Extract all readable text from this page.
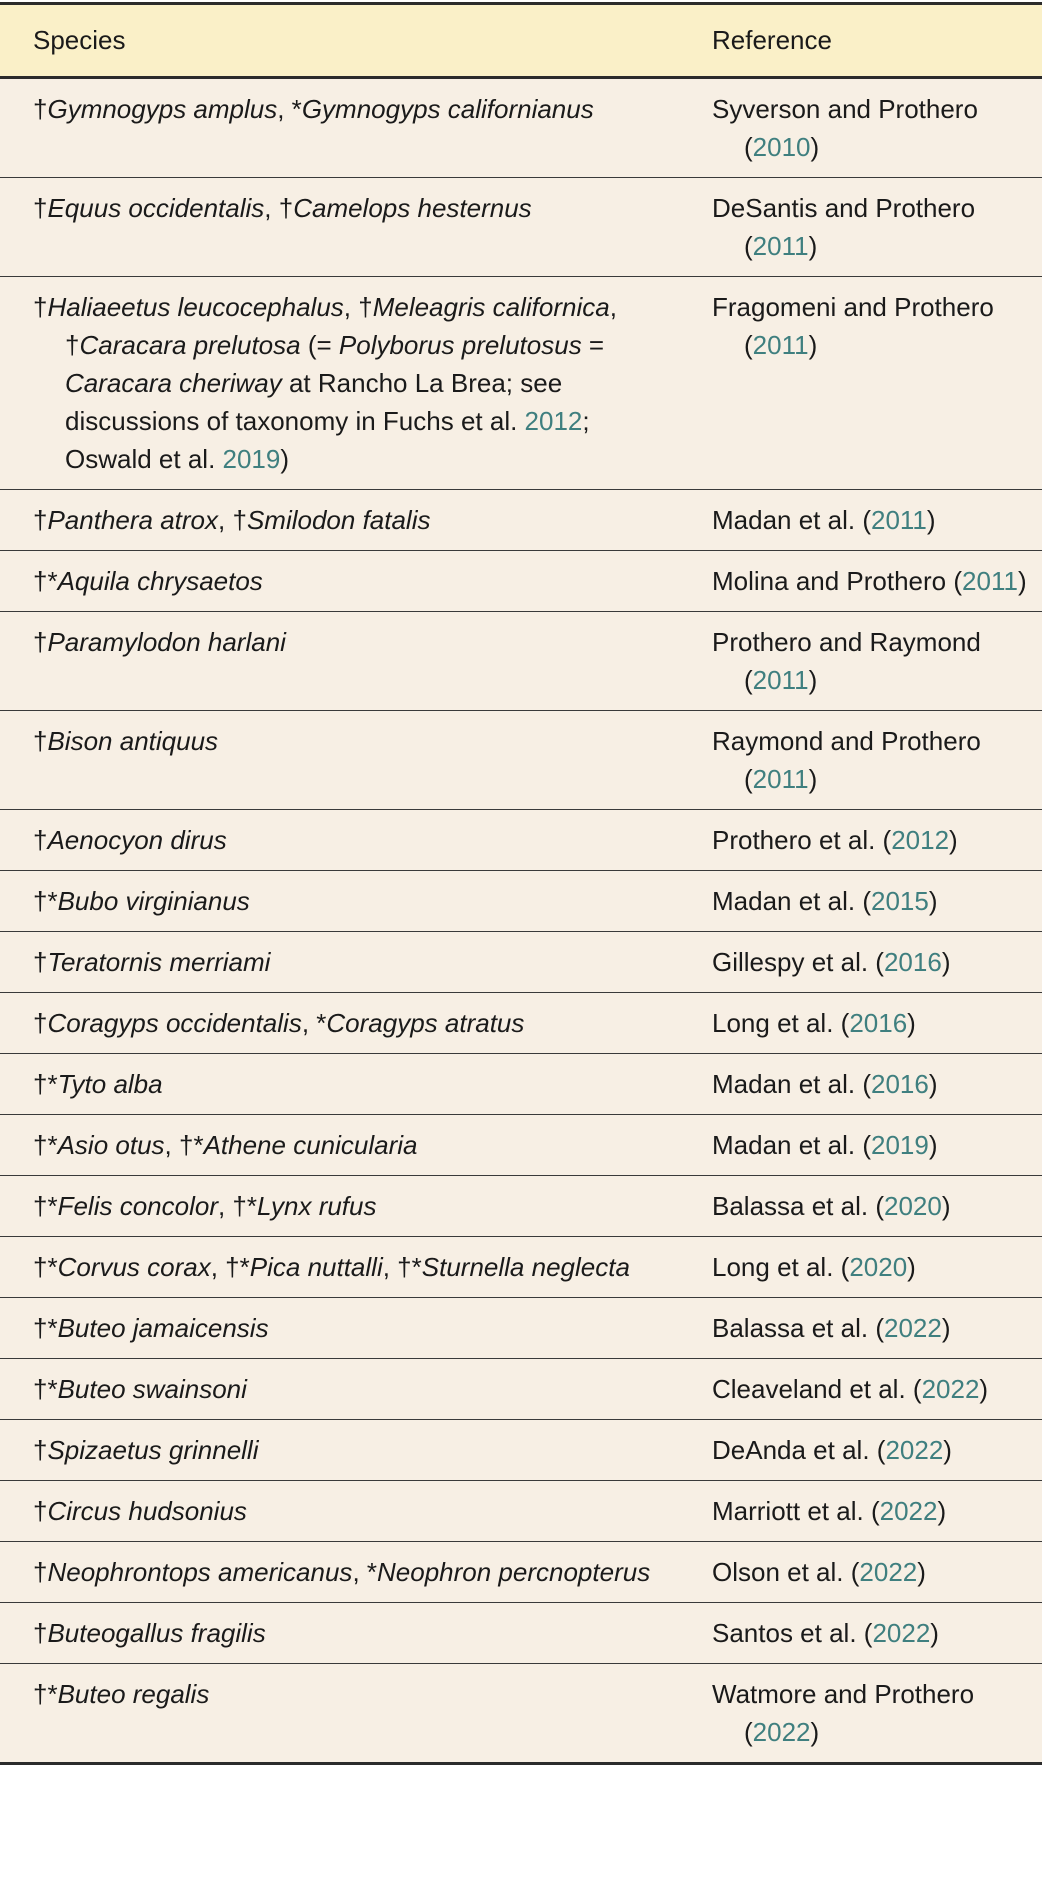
Species	Reference

†Gymnogyps amplus, *Gymnogyps californianus	Syverson and Prothero (2010)

†Equus occidentalis, †Camelops hesternus	DeSantis and Prothero (2011)

†Haliaeetus leucocephalus, †Meleagris californica, †Caracara prelutosa (= Polyborus prelutosus = Caracara cheriway at Rancho La Brea; see discussions of taxonomy in Fuchs et al. 2012; Oswald et al. 2019)	Fragomeni and Prothero (2011)

†Panthera atrox, †Smilodon fatalis	Madan et al. (2011)

†*Aquila chrysaetos	Molina and Prothero (2011)

†Paramylodon harlani	Prothero and Raymond (2011)

†Bison antiquus	Raymond and Prothero (2011)

†Aenocyon dirus	Prothero et al. (2012)

†*Bubo virginianus	Madan et al. (2015)

†Teratornis merriami	Gillespy et al. (2016)

†Coragyps occidentalis, *Coragyps atratus	Long et al. (2016)

†*Tyto alba	Madan et al. (2016)

†*Asio otus, †*Athene cunicularia	Madan et al. (2019)

†*Felis concolor, †*Lynx rufus	Balassa et al. (2020)

†*Corvus corax, †*Pica nuttalli, †*Sturnella neglecta	Long et al. (2020)

†*Buteo jamaicensis	Balassa et al. (2022)

†*Buteo swainsoni	Cleaveland et al. (2022)

†Spizaetus grinnelli	DeAnda et al. (2022)

†Circus hudsonius	Marriott et al. (2022)

†Neophrontops americanus, *Neophron percnopterus	Olson et al. (2022)

†Buteogallus fragilis	Santos et al. (2022)

†*Buteo regalis	Watmore and Prothero (2022)
